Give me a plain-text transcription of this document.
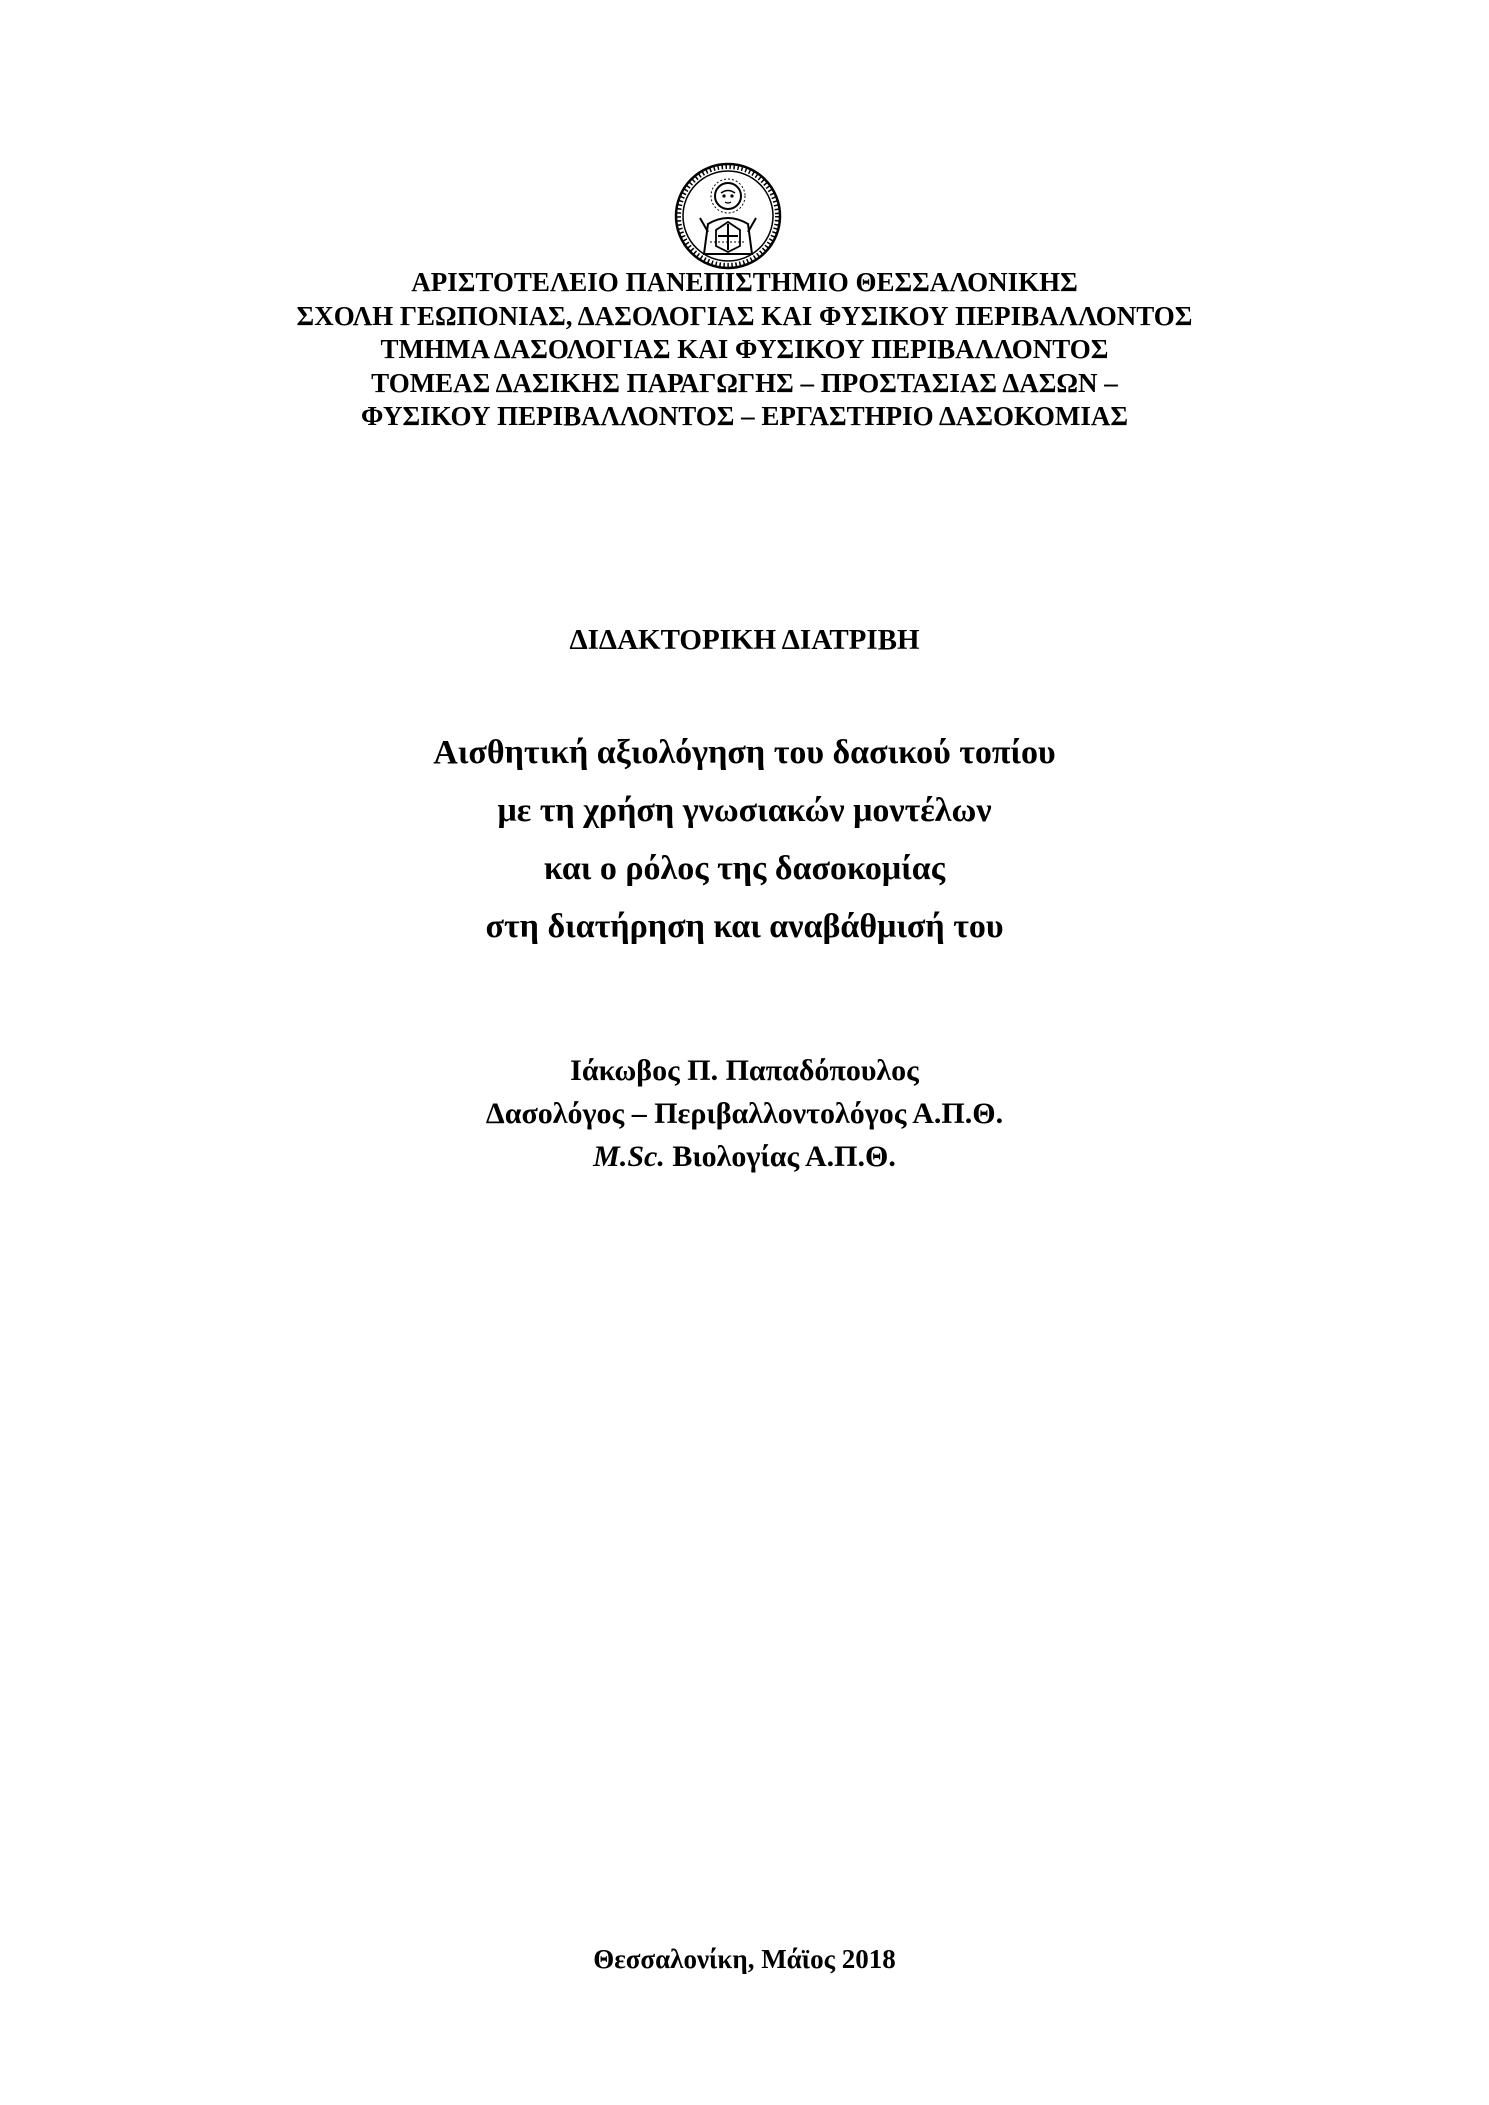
ΑΡΙΣΤΟΤΕΛΕΙΟ ΠΑΝΕΠΙΣΤΗΜΙΟ ΘΕΣΣΑΛΟΝΙΚΗΣ
ΣΧΟΛΗ ΓΕΩΠΟΝΙΑΣ, ΔΑΣΟΛΟΓΙΑΣ ΚΑΙ ΦΥΣΙΚΟΥ ΠΕΡΙΒΑΛΛΟΝΤΟΣ
ΤΜΗΜΑ ΔΑΣΟΛΟΓΙΑΣ ΚΑΙ ΦΥΣΙΚΟΥ ΠΕΡΙΒΑΛΛΟΝΤΟΣ
ΤΟΜΕΑΣ ΔΑΣΙΚΗΣ ΠΑΡΑΓΩΓΗΣ – ΠΡΟΣΤΑΣΙΑΣ ΔΑΣΩΝ –
ΦΥΣΙΚΟΥ ΠΕΡΙΒΑΛΛΟΝΤΟΣ – ΕΡΓΑΣΤΗΡΙΟ ΔΑΣΟΚΟΜΙΑΣ
ΔΙΔΑΚΤΟΡΙΚΗ ΔΙΑΤΡΙΒΗ
Αισθητική αξιολόγηση του δασικού τοπίου
με τη χρήση γνωσιακών μοντέλων
και ο ρόλος της δασοκομίας
στη διατήρηση και αναβάθμισή του
Ιάκωβος Π. Παπαδόπουλος
Δασολόγος – Περιβαλλοντολόγος Α.Π.Θ.
M.Sc. Βιολογίας Α.Π.Θ.
Θεσσαλονίκη, Μάϊος 2018
